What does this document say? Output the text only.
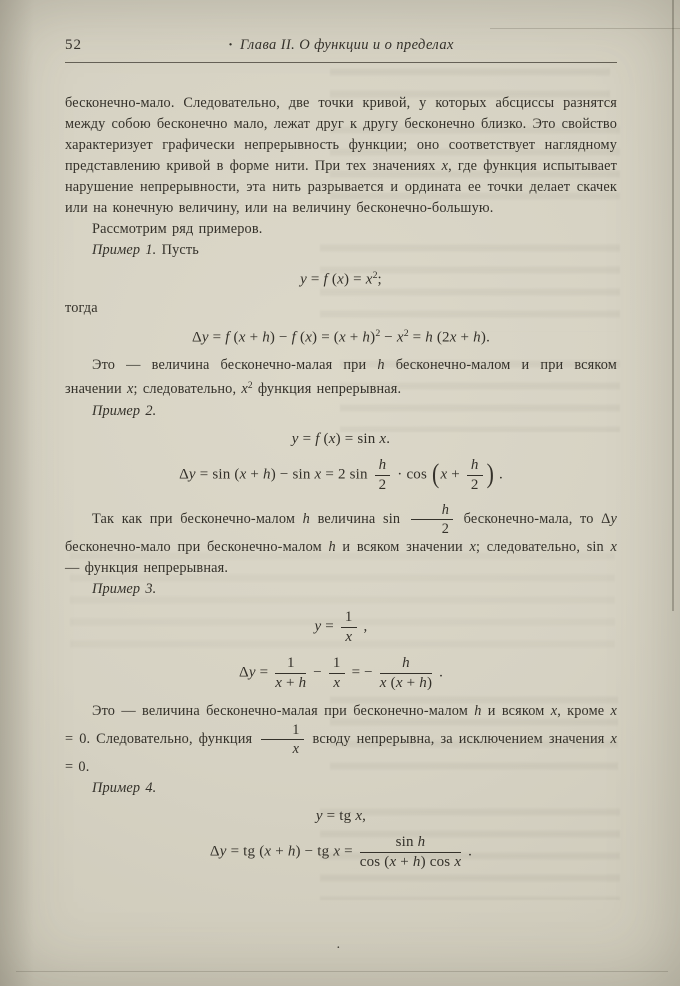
52	· Глава II. О функции и о пределах

бесконечно-мало. Следовательно, две точки кривой, у которых абсциссы разнятся между собою бесконечно мало, лежат друг к другу бесконечно близко. Это свойство характеризует графически непрерывность функции; оно соответствует наглядному представлению кривой в форме нити. При тех значениях x, где функция испытывает нарушение непрерывности, эта нить разрывается и ордината ее точки делает скачек или на конечную величину, или на величину бесконечно-большую.

Рассмотрим ряд примеров.

Пример 1. Пусть

y = f $(x) = x^2$;

тогда

Δy = f (x + h) − f $(x) = (x + h)^2 - x^2 = h$ (2x + h).

Это — величина бесконечно-малая при h бесконечно-малом и при всяком значении x; следовательно, $x^2$ функция непрерывная.

Пример 2.

y = f (x) = sin x.
Δy = sin (x + h) − sin x = 2 $\sin \frac{h}{2} \cdot \cos (x + \frac{h}{2}$ ) .

Так как при бесконечно-малом h величина $\sin \frac{h}{2}$ бесконечно-мала, то Δy бесконечно-мало при бесконечно-малом h и всяком значении x; следовательно, sin x — функция непрерывная.

Пример 3.

$y = \frac{1}{x}$ ,
$\Delta y = \frac{1}{x + h} - \frac{1}{x}$ = − $\frac{h}{x (x + h)}$ .

Это — величина бесконечно-малая при бесконечно-малом h и всяком x, кроме x = 0. Следовательно, функция $\frac{1}{x}$ всюду непрерывна, за исключением значения x = 0.

Пример 4.

y = tg x,
Δy = tg (x + h) − tg $x = \frac{\text{sin h}}{\text{cos (x + h) cos x}}$ .
·
